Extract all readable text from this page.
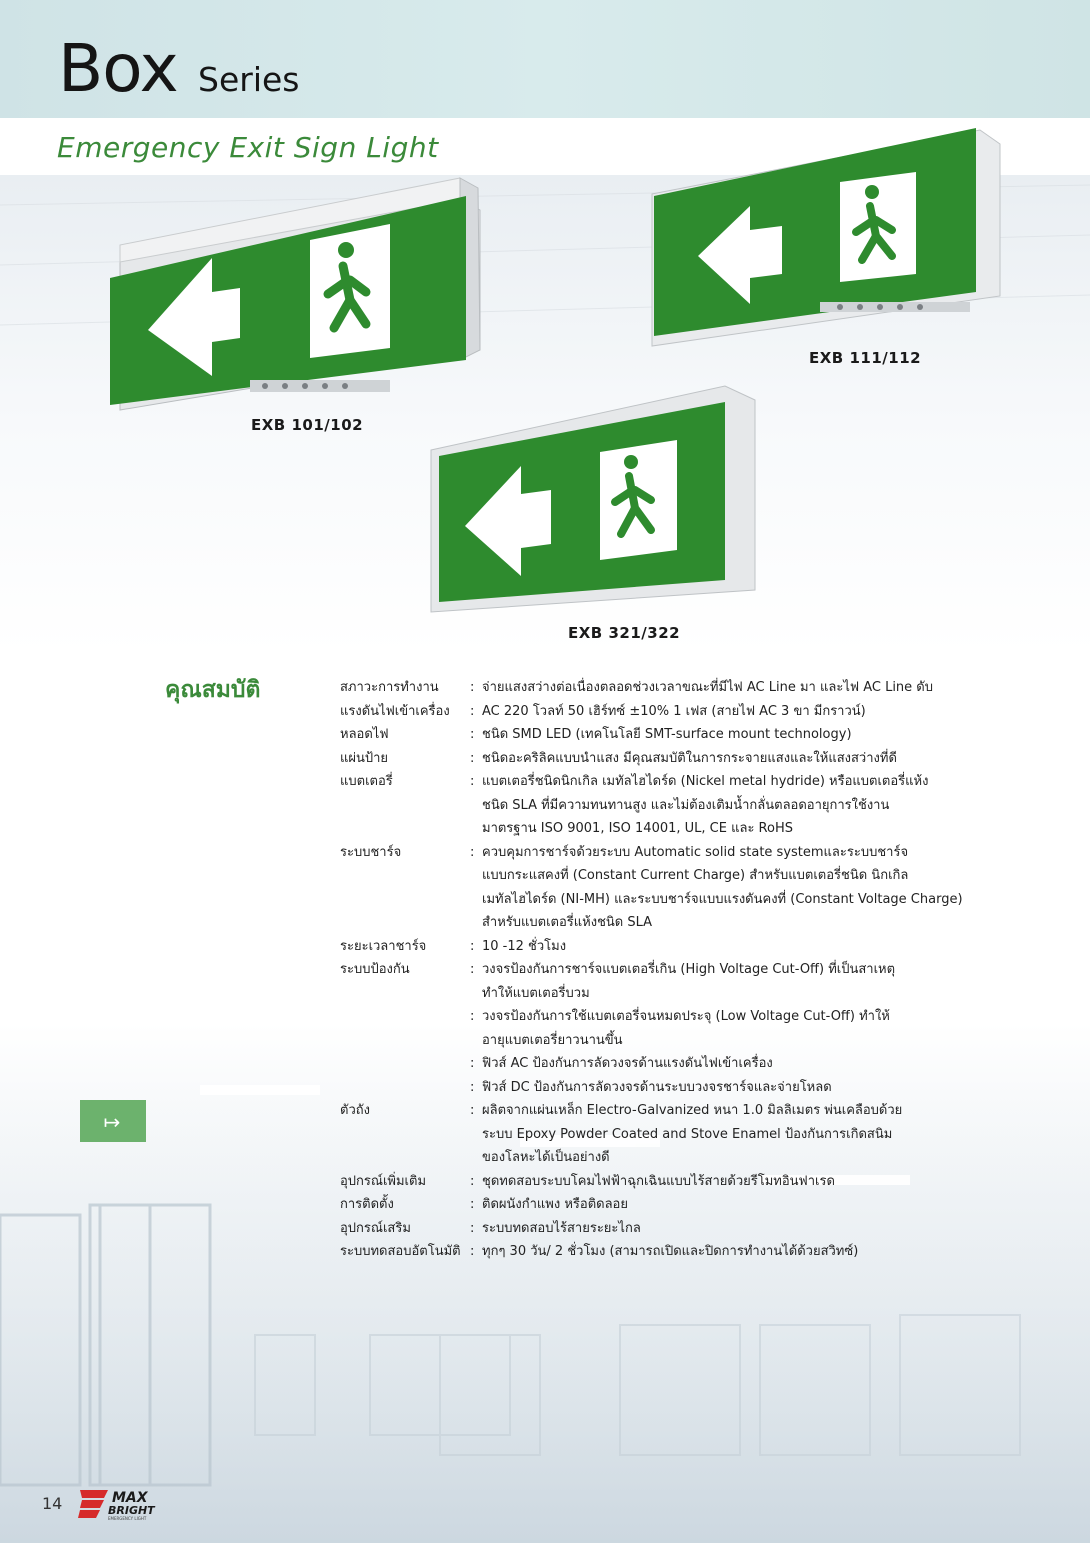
Box Series
Emergency Exit Sign Light
↦
EXB 101/102
EXB 111/112
EXB 321/322
คุณสมบัติ	สภาวะการทำงาน	: จ่ายแสงสว่างต่อเนื่องตลอดช่วงเวลาขณะที่มีไฟ AC Line มา และไฟ AC Line ดับ
แรงดันไฟเข้าเครื่อง	: AC 220 โวลท์ 50 เฮิร์ทซ์ ±10% 1 เฟส (สายไฟ AC 3 ขา มีกราวน์)
หลอดไฟ	: ชนิด SMD LED (เทคโนโลยี SMT-surface mount technology)
แผ่นป้าย	: ชนิดอะคริลิคแบบนำแสง มีคุณสมบัติในการกระจายแสงและให้แสงสว่างที่ดี
แบตเตอรี่	: แบตเตอรี่ชนิดนิกเกิล เมทัลไฮไดร์ด (Nickel metal hydride) หรือแบตเตอรี่แห้ง
ชนิด SLA ที่มีความทนทานสูง และไม่ต้องเติมน้ำกลั่นตลอดอายุการใช้งาน
มาตรฐาน ISO 9001, ISO 14001, UL, CE และ RoHS
ระบบชาร์จ	: ควบคุมการชาร์จด้วยระบบ Automatic solid state systemและระบบชาร์จ
แบบกระแสคงที่ (Constant Current Charge) สำหรับแบตเตอรี่ชนิด นิกเกิล
เมทัลไฮไดร์ด (NI-MH) และระบบชาร์จแบบแรงดันคงที่ (Constant Voltage Charge)
สำหรับแบตเตอรี่แห้งชนิด SLA
ระยะเวลาชาร์จ	: 10 -12 ชั่วโมง
ระบบป้องกัน	: วงจรป้องกันการชาร์จแบตเตอรี่เกิน (High Voltage Cut-Off) ที่เป็นสาเหตุ
ทำให้แบตเตอรี่บวม
: วงจรป้องกันการใช้แบตเตอรี่จนหมดประจุ (Low Voltage Cut-Off) ทำให้
อายุแบตเตอรี่ยาวนานขึ้น
: ฟิวส์ AC ป้องกันการลัดวงจรด้านแรงดันไฟเข้าเครื่อง
: ฟิวส์ DC ป้องกันการลัดวงจรด้านระบบวงจรชาร์จและจ่ายโหลด
ตัวถัง	: ผลิตจากแผ่นเหล็ก Electro-Galvanized หนา 1.0 มิลลิเมตร พ่นเคลือบด้วย
ระบบ Epoxy Powder Coated and Stove Enamel ป้องกันการเกิดสนิม
ของโลหะได้เป็นอย่างดี
อุปกรณ์เพิ่มเติม	: ชุดทดสอบระบบโคมไฟฟ้าฉุกเฉินแบบไร้สายด้วยรีโมทอินฟาเรด
การติดตั้ง	: ติดผนังกำแพง หรือติดลอย
อุปกรณ์เสริม	: ระบบทดสอบไร้สายระยะไกล
ระบบทดสอบอัตโนมัติ : ทุกๆ 30 วัน/ 2 ชั่วโมง (สามารถเปิดและปิดการทำงานได้ด้วยสวิทซ์)
14	MAX
BRIGHT
EMERGENCY LIGHT
